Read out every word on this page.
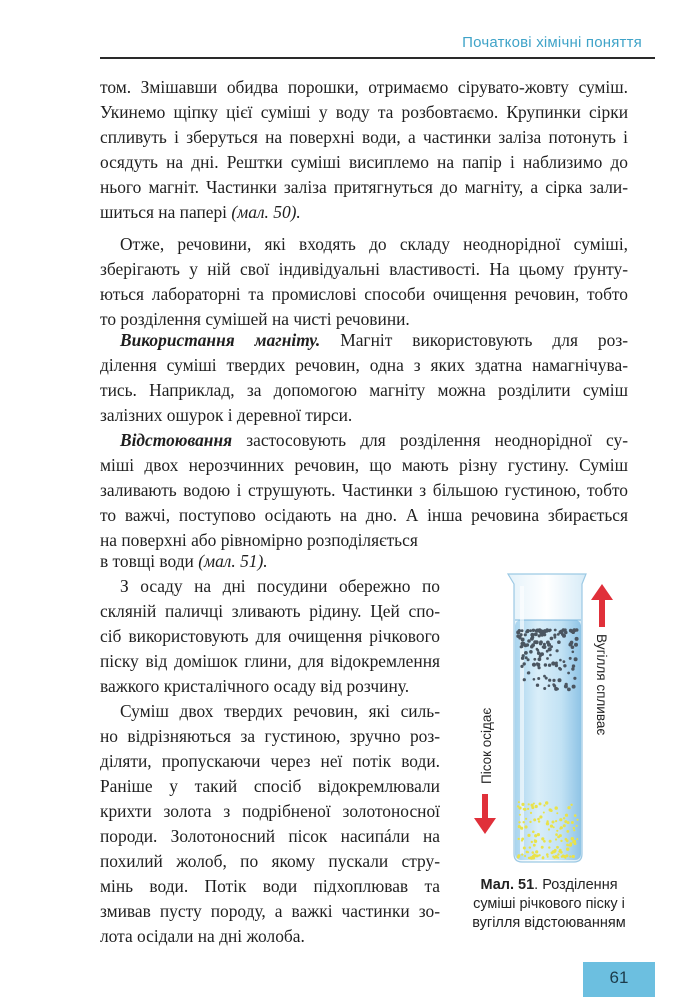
Початкові хімічні поняття
том. Змішавши обидва порошки, отримаємо сірувато-жовту суміш.
Укинемо щіпку цієї суміші у воду та розбовтаємо. Крупинки сірки
спливуть і зберуться на поверхні води, а частинки заліза потонуть і
осядуть на дні. Рештки суміші висиплемо на папір і наблизимо до
нього магніт. Частинки заліза притягнуться до магніту, а сірка зали-
шиться на папері (мал. 50).
Отже, речовини, які входять до складу неоднорідної суміші,
зберігають у ній свої індивідуальні властивості. На цьому ґрунту-
ються лабораторні та промислові способи очищення речовин, тобто
то розділення сумішей на чисті речовини.
Використання магніту. Магніт використовують для роз-
ділення суміші твердих речовин, одна з яких здатна намагнічува-
тись. Наприклад, за допомогою магніту можна розділити суміш
залізних ошурок і деревної тирси.
Відстоювання застосовують для розділення неоднорідної су-
міші двох нерозчинних речовин, що мають різну густину. Суміш
заливають водою і струшують. Частинки з більшою густиною, тобто
то важчі, поступово осідають на дно. А інша речовина збирається
на поверхні або рівномірно розподіляється
в товщі води (мал. 51).
З осаду на дні посудини обережно по
скляній паличці зливають рідину. Цей спо-
сіб використовують для очищення річкового
піску від домішок глини, для відокремлення
важкого кристалічного осаду від розчину.
Суміш двох твердих речовин, які силь-
но відрізняються за густиною, зручно роз-
діляти, пропускаючи через неї потік води.
Раніше у такий спосіб відокремлювали
крихти золота з подрібненої золотоносної
породи. Золотоносний пісок насипáли на
похилий жолоб, по якому пускали стру-
мінь води. Потік води підхоплював та
змивав пусту породу, а важкі частинки зо-
лота осідали на дні жолоба.
Пісок осідає
Вугілля спливає
Мал. 51. Розділення суміші річкового піску і вугілля відстоюванням
61
